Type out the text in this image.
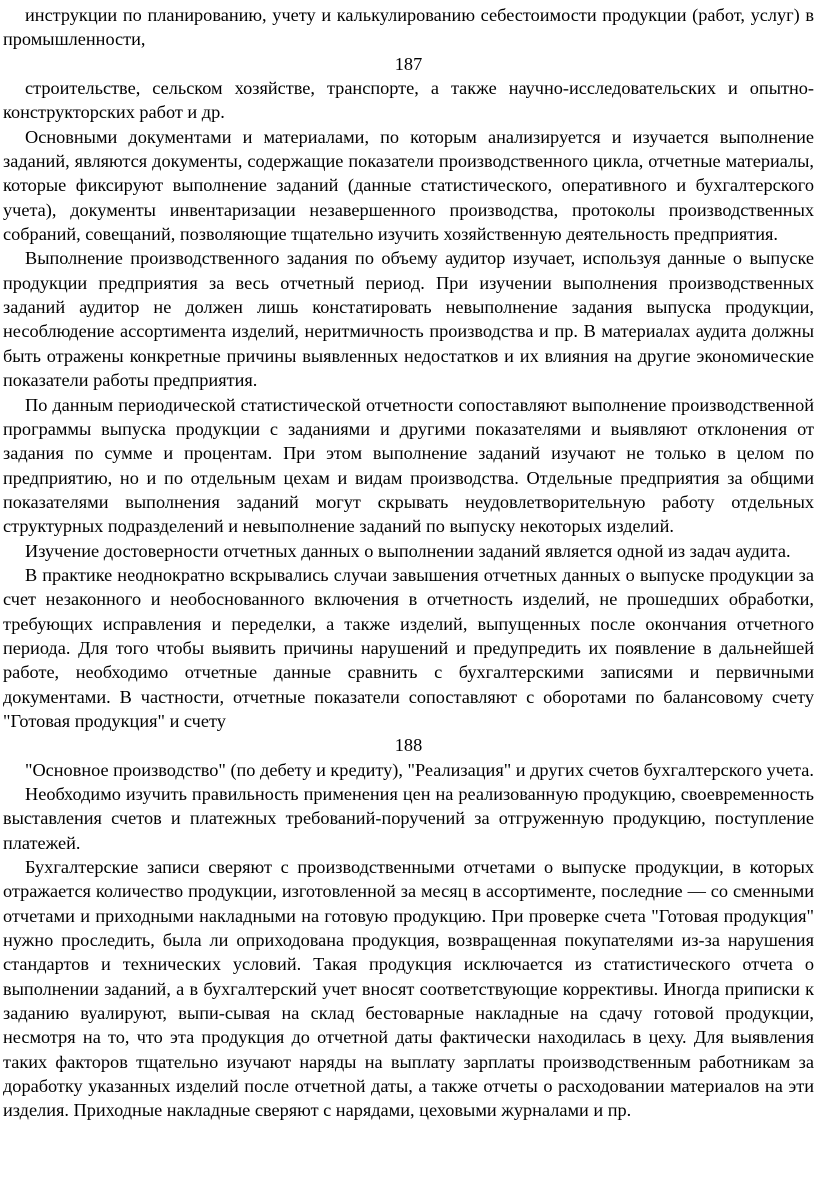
инструкции по планированию, учету и калькулированию себестоимости продукции (работ, услуг) в промышленности,

187

строительстве, сельском хозяйстве, транспорте, а также научно-исследовательских и опытно-конструкторских работ и др.

Основными документами и материалами, по которым анализируется и изучается выполнение заданий, являются документы, содержащие показатели производственного цикла, отчетные материалы, которые фиксируют выполнение заданий (данные статистического, оперативного и бухгалтерского учета), документы инвентаризации незавершенного производства, протоколы производственных собраний, совещаний, позволяющие тщательно изучить хозяйственную деятельность предприятия.

Выполнение производственного задания по объему аудитор изучает, используя данные о выпуске продукции предприятия за весь отчетный период. При изучении выполнения производственных заданий аудитор не должен лишь констатировать невыполнение задания выпуска продукции, несоблюдение ассортимента изделий, неритмичность производства и пр. В материалах аудита должны быть отражены конкретные причины выявленных недостатков и их влияния на другие экономические показатели работы предприятия.

По данным периодической статистической отчетности сопоставляют выполнение производственной программы выпуска продукции с заданиями и другими показателями и выявляют отклонения от задания по сумме и процентам. При этом выполнение заданий изучают не только в целом по предприятию, но и по отдельным цехам и видам производства. Отдельные предприятия за общими показателями выполнения заданий могут скрывать неудовлетворительную работу отдельных структурных подразделений и невыполнение заданий по выпуску некоторых изделий.

Изучение достоверности отчетных данных о выполнении заданий является одной из задач аудита.

В практике неоднократно вскрывались случаи завышения отчетных данных о выпуске продукции за счет незаконного и необоснованного включения в отчетность изделий, не прошедших обработки, требующих исправления и переделки, а также изделий, выпущенных после окончания отчетного периода. Для того чтобы выявить причины нарушений и предупредить их появление в дальнейшей работе, необходимо отчетные данные сравнить с бухгалтерскими записями и первичными документами. В частности, отчетные показатели сопоставляют с оборотами по балансовому счету "Готовая продукция" и счету

188

"Основное производство" (по дебету и кредиту), "Реализация" и других счетов бухгалтерского учета.

Необходимо изучить правильность применения цен на реализованную продукцию, своевременность выставления счетов и платежных требований-поручений за отгруженную продукцию, поступление платежей.

Бухгалтерские записи сверяют с производственными отчетами о выпуске продукции, в которых отражается количество продукции, изготовленной за месяц в ассортименте, последние — со сменными отчетами и приходными накладными на готовую продукцию. При проверке счета "Готовая продукция" нужно проследить, была ли оприходована продукция, возвращенная покупателями из-за нарушения стандартов и технических условий. Такая продукция исключается из статистического отчета о выполнении заданий, а в бухгалтерский учет вносят соответствующие коррективы. Иногда приписки к заданию вуалируют, выпи-сывая на склад бестоварные накладные на сдачу готовой продукции, несмотря на то, что эта продукция до отчетной даты фактически находилась в цеху. Для выявления таких факторов тщательно изучают наряды на выплату зарплаты производственным работникам за доработку указанных изделий после отчетной даты, а также отчеты о расходовании материалов на эти изделия. Приходные накладные сверяют с нарядами, цеховыми журналами и пр.
